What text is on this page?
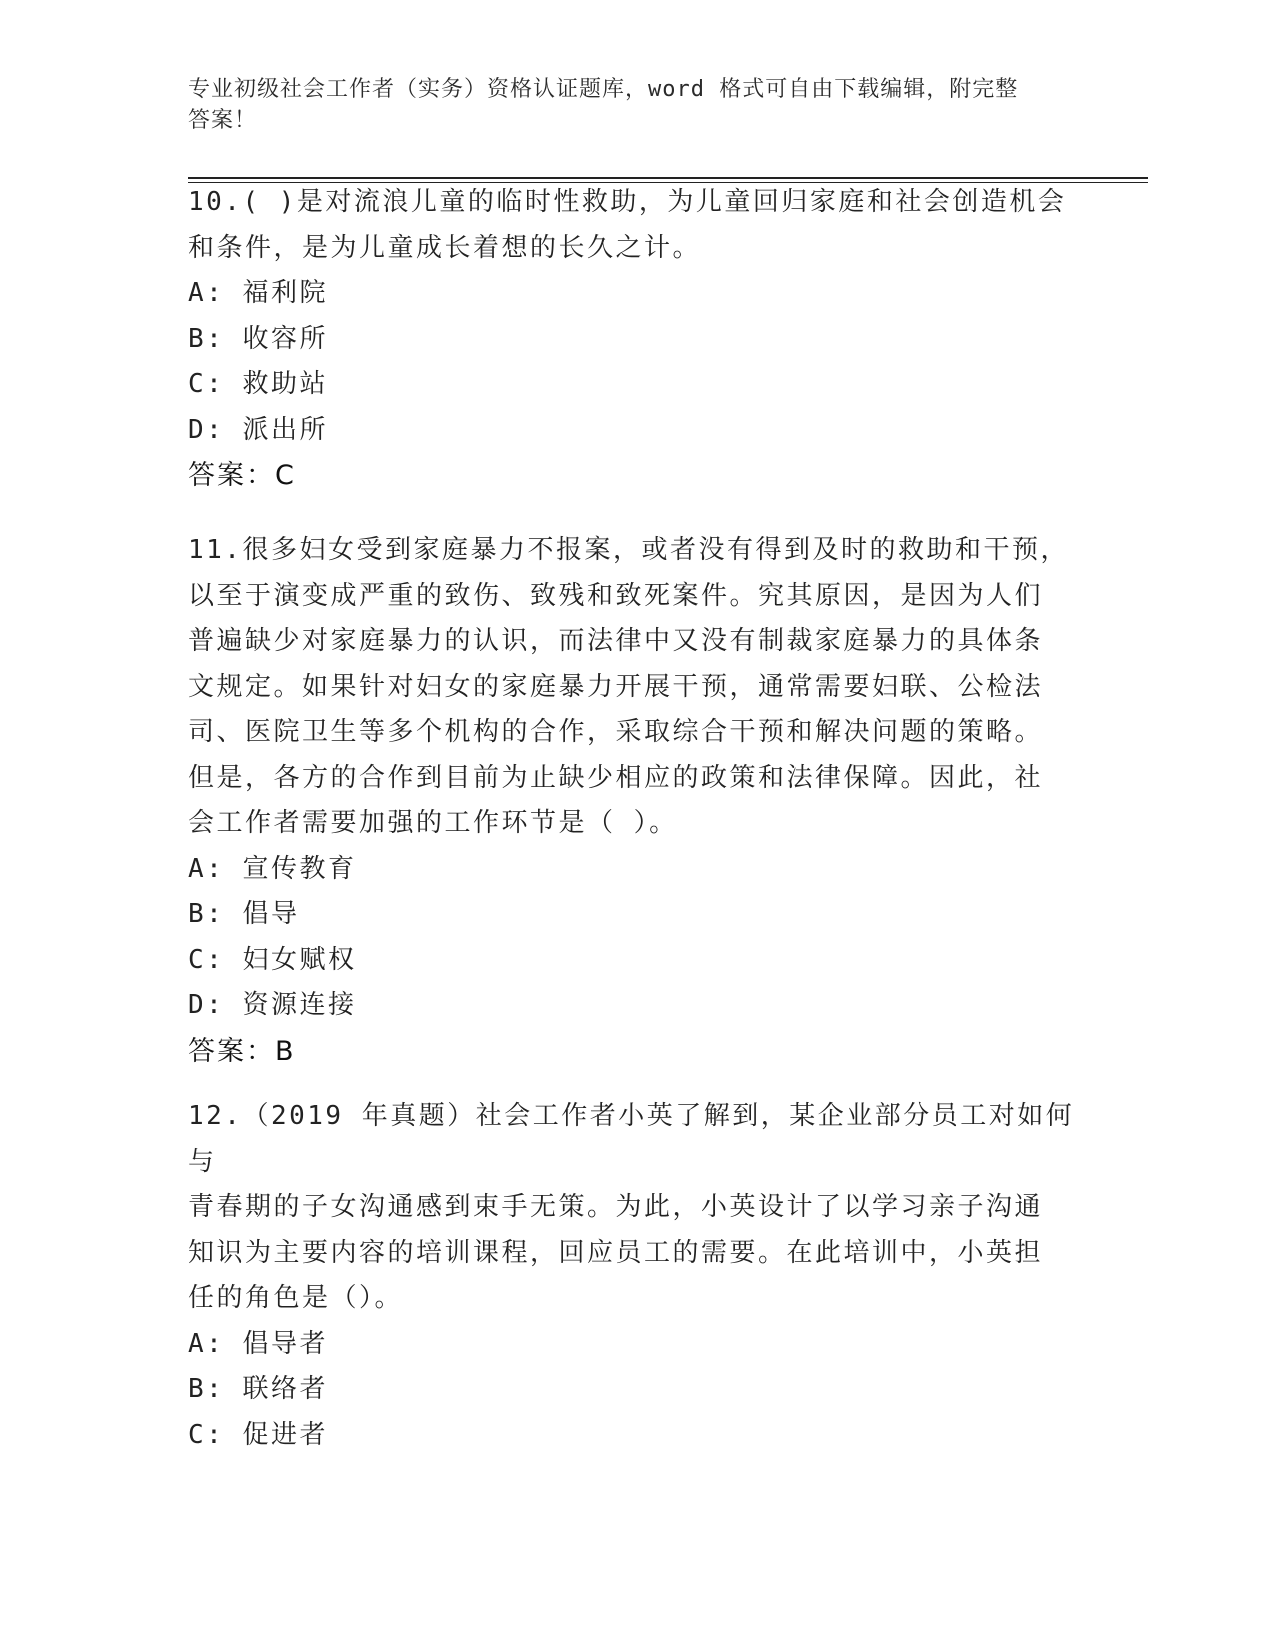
专业初级社会工作者（实务）资格认证题库，word 格式可自由下载编辑，附完整
答案！

10.( )是对流浪儿童的临时性救助，为儿童回归家庭和社会创造机会

和条件，是为儿童成长着想的长久之计。

A: 福利院

B: 收容所

C: 救助站

D: 派出所

答案：C

11.很多妇女受到家庭暴力不报案，或者没有得到及时的救助和干预，

以至于演变成严重的致伤、致残和致死案件。究其原因，是因为人们

普遍缺少对家庭暴力的认识，而法律中又没有制裁家庭暴力的具体条

文规定。如果针对妇女的家庭暴力开展干预，通常需要妇联、公检法

司、医院卫生等多个机构的合作，采取综合干预和解决问题的策略。

但是，各方的合作到目前为止缺少相应的政策和法律保障。因此，社

会工作者需要加强的工作环节是（ ）。

A: 宣传教育

B: 倡导

C: 妇女赋权

D: 资源连接

答案：B

12.（2019 年真题）社会工作者小英了解到，某企业部分员工对如何与

青春期的子女沟通感到束手无策。为此，小英设计了以学习亲子沟通

知识为主要内容的培训课程，回应员工的需要。在此培训中，小英担

任的角色是（）。

A: 倡导者

B: 联络者

C: 促进者
